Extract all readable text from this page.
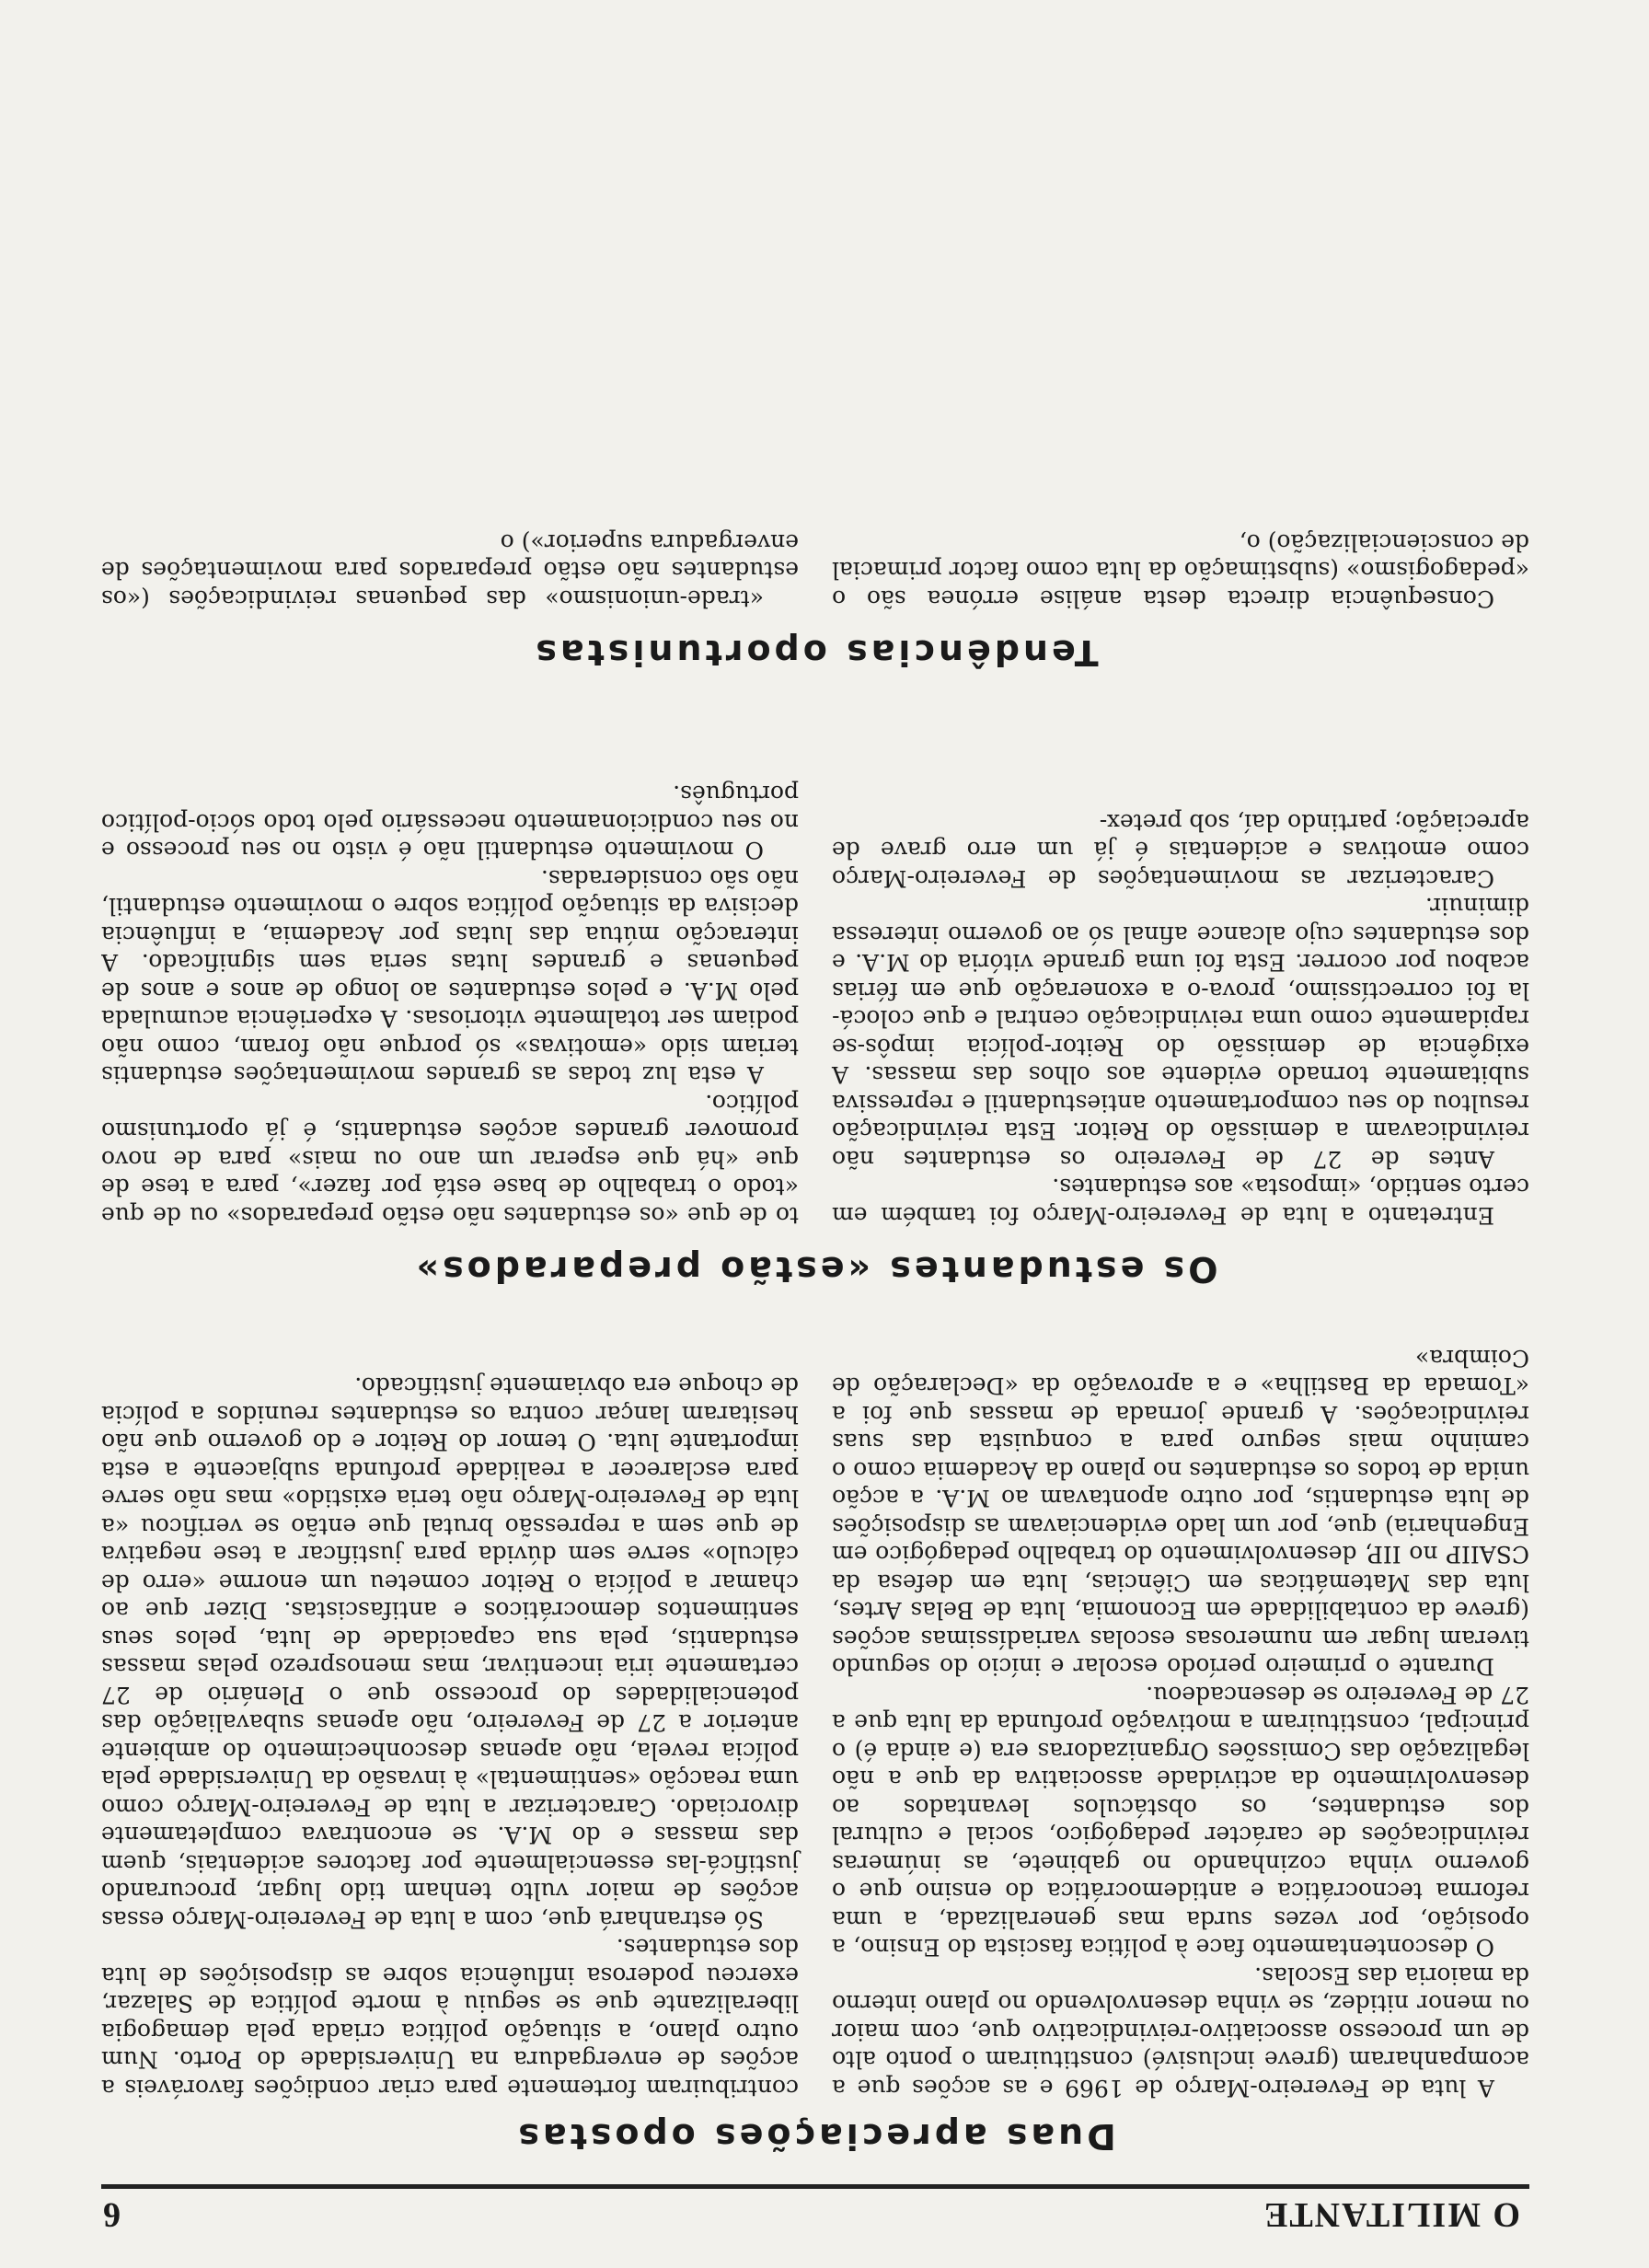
O MILITANTE
6
Duas apreciações opostas

A luta de Fevereiro-Março de 1969 e as acções que a acompanharam (greve inclusivé) constituiram o ponto alto de um processo associativo-reivindicativo que, com maior ou menor nitidez, se vinha desenvolvendo no plano interno da maioria das Escolas.

O descontentamento face à política fascista do Ensino, a oposição, por vezes surda mas generalizada, a uma reforma tecnocrática e antidemocrática do ensino que o governo vinha cozinhando no gabinete, as inúmeras reivindicações de carácter pedagógico, social e cultural dos estudantes, os obstáculos levantados ao desenvolvimento da actividade associativa da que a não legalização das Comissões Organizadoras era (e ainda é) o principal, constituiram a motivação profunda da luta que a 27 de Fevereiro se desencadeou.

Durante o primeiro período escolar e início do segundo tiveram lugar em numerosas escolas variadíssimas acções (greve da contabilidade em Economia, luta de Belas Artes, luta das Matemáticas em Ciências, luta em defesa da CSAIIP no IIP, desenvolvimento do trabalho pedagógico em Engenharia) que, por um lado evidenciavam as disposições de luta estudantis, por outro apontavam ao M.A. a acção unida de todos os estudantes no plano da Academia como o caminho mais seguro para a conquista das suas reivindicações. A grande jornada de massas que foi a «Tomada da Bastilha» e a aprovação da «Declaração de Coimbra»

contribuiram fortemente para criar condições favoráveis a acções de envergadura na Universidade do Porto. Num outro plano, a situação política criada pela demagogia liberalizante que se seguiu à morte política de Salazar, exerceu poderosa influência sobre as disposições de luta dos estudantes.

Só estranhará que, com a luta de Fevereiro-Março essas acções de maior vulto tenham tido lugar, procurando justificá-las essencialmente por factores acidentais, quem das massas e do M.A. se encontrava completamente divorciado. Caracterizar a luta de Fevereiro-Março como uma reacção «sentimental» à invasão da Universidade pela polícia revela, não apenas desconhecimento do ambiente anterior a 27 de Fevereiro, não apenas subavaliação das potencialidades do processo que o Plenário de 27 certamente iria incentivar, mas menosprezo pelas massas estudantis, pela sua capacidade de luta, pelos seus sentimentos democráticos e antifascistas. Dizer que ao chamar a polícia o Reitor cometeu um enorme «erro de cálculo» serve sem dúvida para justificar a tese negativa de que sem a repressão brutal que então se verificou «a luta de Fevereiro-Março não teria existido» mas não serve para esclarecer a realidade profunda subjacente a esta importante luta. O temor do Reitor e do governo que não hesitaram lançar contra os estudantes reunidos a polícia de choque era obviamente justificado.

Os estudantes «estão preparados»

Entretanto a luta de Fevereiro-Março foi também em certo sentido, «imposta» aos estudantes.

Antes de 27 de Fevereiro os estudantes não reivindicavam a demissão do Reitor. Esta reivindicação resultou do seu comportamento antiestudantil e repressiva subitamente tornado evidente aos olhos das massas. A exigência de demissão do Reitor-polícia impôs-se rapidamente como uma reivindicação central e que colocá-la foi correctíssimo, prova-o a exoneração que em férias acabou por ocorrer. Esta foi uma grande vitória do M.A. e dos estudantes cujo alcance afinal só ao governo interessa diminuir.

Caracterizar as movimentações de Fevereiro-Março como emotivas e acidentais é já um erro grave de apreciação; partindo daí, sob pretex-

to de que «os estudantes não estão preparados» ou de que «todo o trabalho de base está por fazer», para a tese de que «há que esperar um ano ou mais» para de novo promover grandes acções estudantis, é já oportunismo político.

A esta luz todas as grandes movimentações estudantis teriam sido «emotivas» só porque não foram, como não podiam ser totalmente vitoriosas. A experiência acumulada pelo M.A. e pelos estudantes ao longo de anos e anos de pequenas e grandes lutas seria sem significado. A interacção mútua das lutas por Academia, a influência decisiva da situação política sobre o movimento estudantil, não são consideradas.

O movimento estudantil não é visto no seu processo e no seu condicionamento necessário pelo todo sócio-político português.

Tendências oportunistas

Consequência directa desta análise errónea são o «pedagogismo» (substimação da luta como factor primacial de consciencialização) o,

«trade-unionismo» das pequenas reivindicações («os estudantes não estão preparados para movimentações de envergadura superior») o
